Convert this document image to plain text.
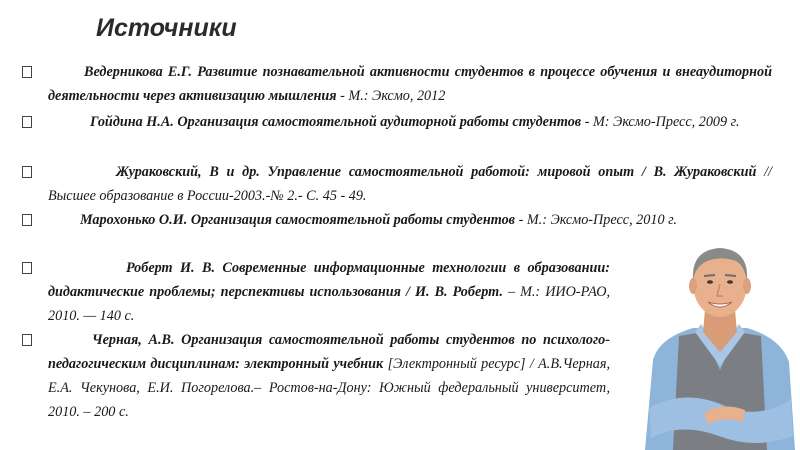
Источники
Ведерникова Е.Г. Развитие познавательной активности студентов в процессе обучения и внеаудиторной деятельности через активизацию мышления - М.: Эксмо, 2012
Гойдина Н.А. Организация самостоятельной аудиторной работы студентов - М: Эксмо-Пресс, 2009 г.
Жураковский, В и др. Управление самостоятельной работой: мировой опыт / В. Жураковский // Высшее образование в России-2003.-№ 2.- С. 45 - 49.
Марохонько О.И. Организация самостоятельной работы студентов - М.: Эксмо-Пресс, 2010 г.
Роберт И. В. Современные информационные технологии в образовании: дидактические проблемы; перспективы использования / И. В. Роберт. – М.: ИИО-РАО, 2010. — 140 с.
Черная, А.В. Организация самостоятельной работы студентов по психолого-педагогическим дисциплинам: электронный учебник [Электронный ресурс] / А.В.Черная, Е.А. Чекунова, Е.И. Погорелова.– Ростов-на-Дону: Южный федеральный университет, 2010. – 200 с.
